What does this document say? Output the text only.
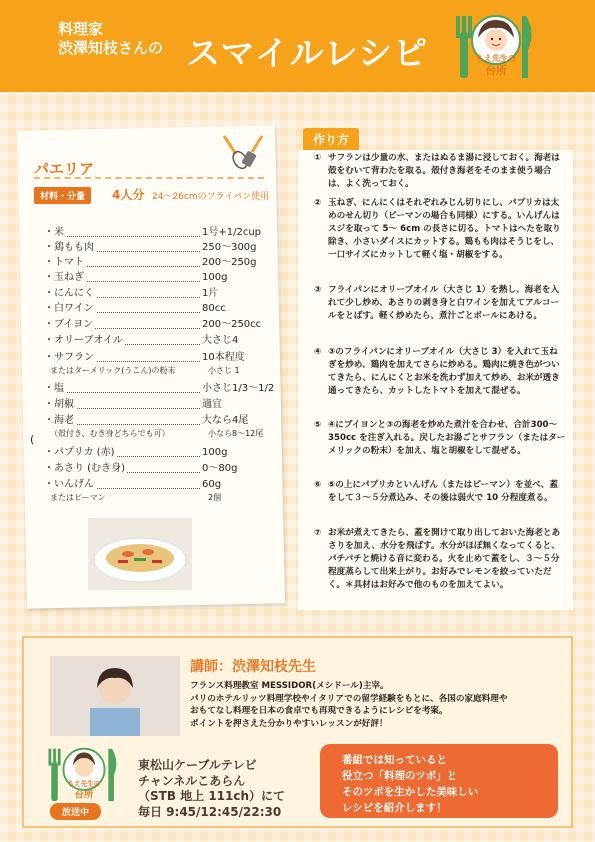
料理家
渋澤知枝さんの スマイルレシピ	ちえ先生の
台所
パエリア
材料・分量	4人分 24～26cmのフライパン使用
・米	1号+1/2cup
・鶏もも肉	250～300g
・トマト	200～250g
・玉ねぎ	100g
・にんにく	1片
・白ワイン	80cc
・ブイヨン	200～250cc
・オリーブオイル	大さじ4
・サフラン	10本程度
またはターメリック(うこん)の粉末	小さじ 1
・塩	小さじ1/3～1/2
・胡椒	適宜
・海老	大なら4尾
（殻付き、むき身どちらでも可）	小なら8～12尾
・パプリカ (赤)	100g
・あさり (むき身)	0～80g
・いんげん	60g
またはピーマン	2個
(
作り方
① サフランは少量の水、またはぬるま湯に浸しておく。海老は殻をむいて背わたを取る。殻付き海老をそのまま使う場合は、よく洗っておく。
② 玉ねぎ、にんにくはそれぞれみじん切りにし、パプリカは太めのせん切り（ピーマンの場合も同様）にする。いんげんはスジを取って 5～ 6cm の長さに切る。トマトはへたを取り除き、小さいダイスにカットする。鶏もも肉はそうじをし、一口サイズにカットして軽く塩・胡椒をする。
③ フライパンにオリーブオイル（大さじ 1）を熱し、海老を入れて少し炒め、あさりの剥き身と白ワインを加えてアルコールをとばす。軽く炒めたら、煮汁ごとボールにあける。
④ ③のフライパンにオリーブオイル（大さじ 3）を入れて玉ねぎを炒め、鶏肉を加えてさらに炒める。鶏肉に焼き色がついてきたら、にんにくとお米を洗わず加えて炒め、お米が透き通ってきたら、カットしたトマトを加えて混ぜる。
⑤ ④にブイヨンと③の海老を炒めた煮汁を合わせ、合計300～350cc を注ぎ入れる。戻したお湯ごとサフラン（またはターメリックの粉末）を加え、塩と胡椒をして混ぜる。
⑥ ⑤の上にパプリカといんげん（またはピーマン）を並べ、蓋をして３～５分煮込み、その後は弱火で 10 分程度煮る。
⑦ お米が煮えてきたら、蓋を開けて取り出しておいた海老とあさりを加え、水分を飛ばす。水分がほぼ無くなってくると、パチパチと焼ける音に変わる。火を止めて蓋をし、３～５分程度蒸らして出来上がり。お好みでレモンを絞っていただく。＊具材はお好みで他のものを加えてよい。
講師：渋澤知枝先生
フランス料理教室 MESSIDOR(メシドール)主宰。
パリのホテルリッツ料理学校やイタリアでの留学経験をもとに、各国の家庭料理や
おもてなし料理を日本の食卓でも再現できるようにレシピを考案。
ポイントを押さえた分かりやすいレッスンが好評！
ちえ先生の
台所
放送中
東松山ケーブルテレビ
チャンネルこあらん
（STB 地上 111ch）にて
毎日 9:45/12:45/22:30
番組では知っていると
役立つ「料理のツボ」と
そのツボを生かした美味しい
レシピを紹介します！
